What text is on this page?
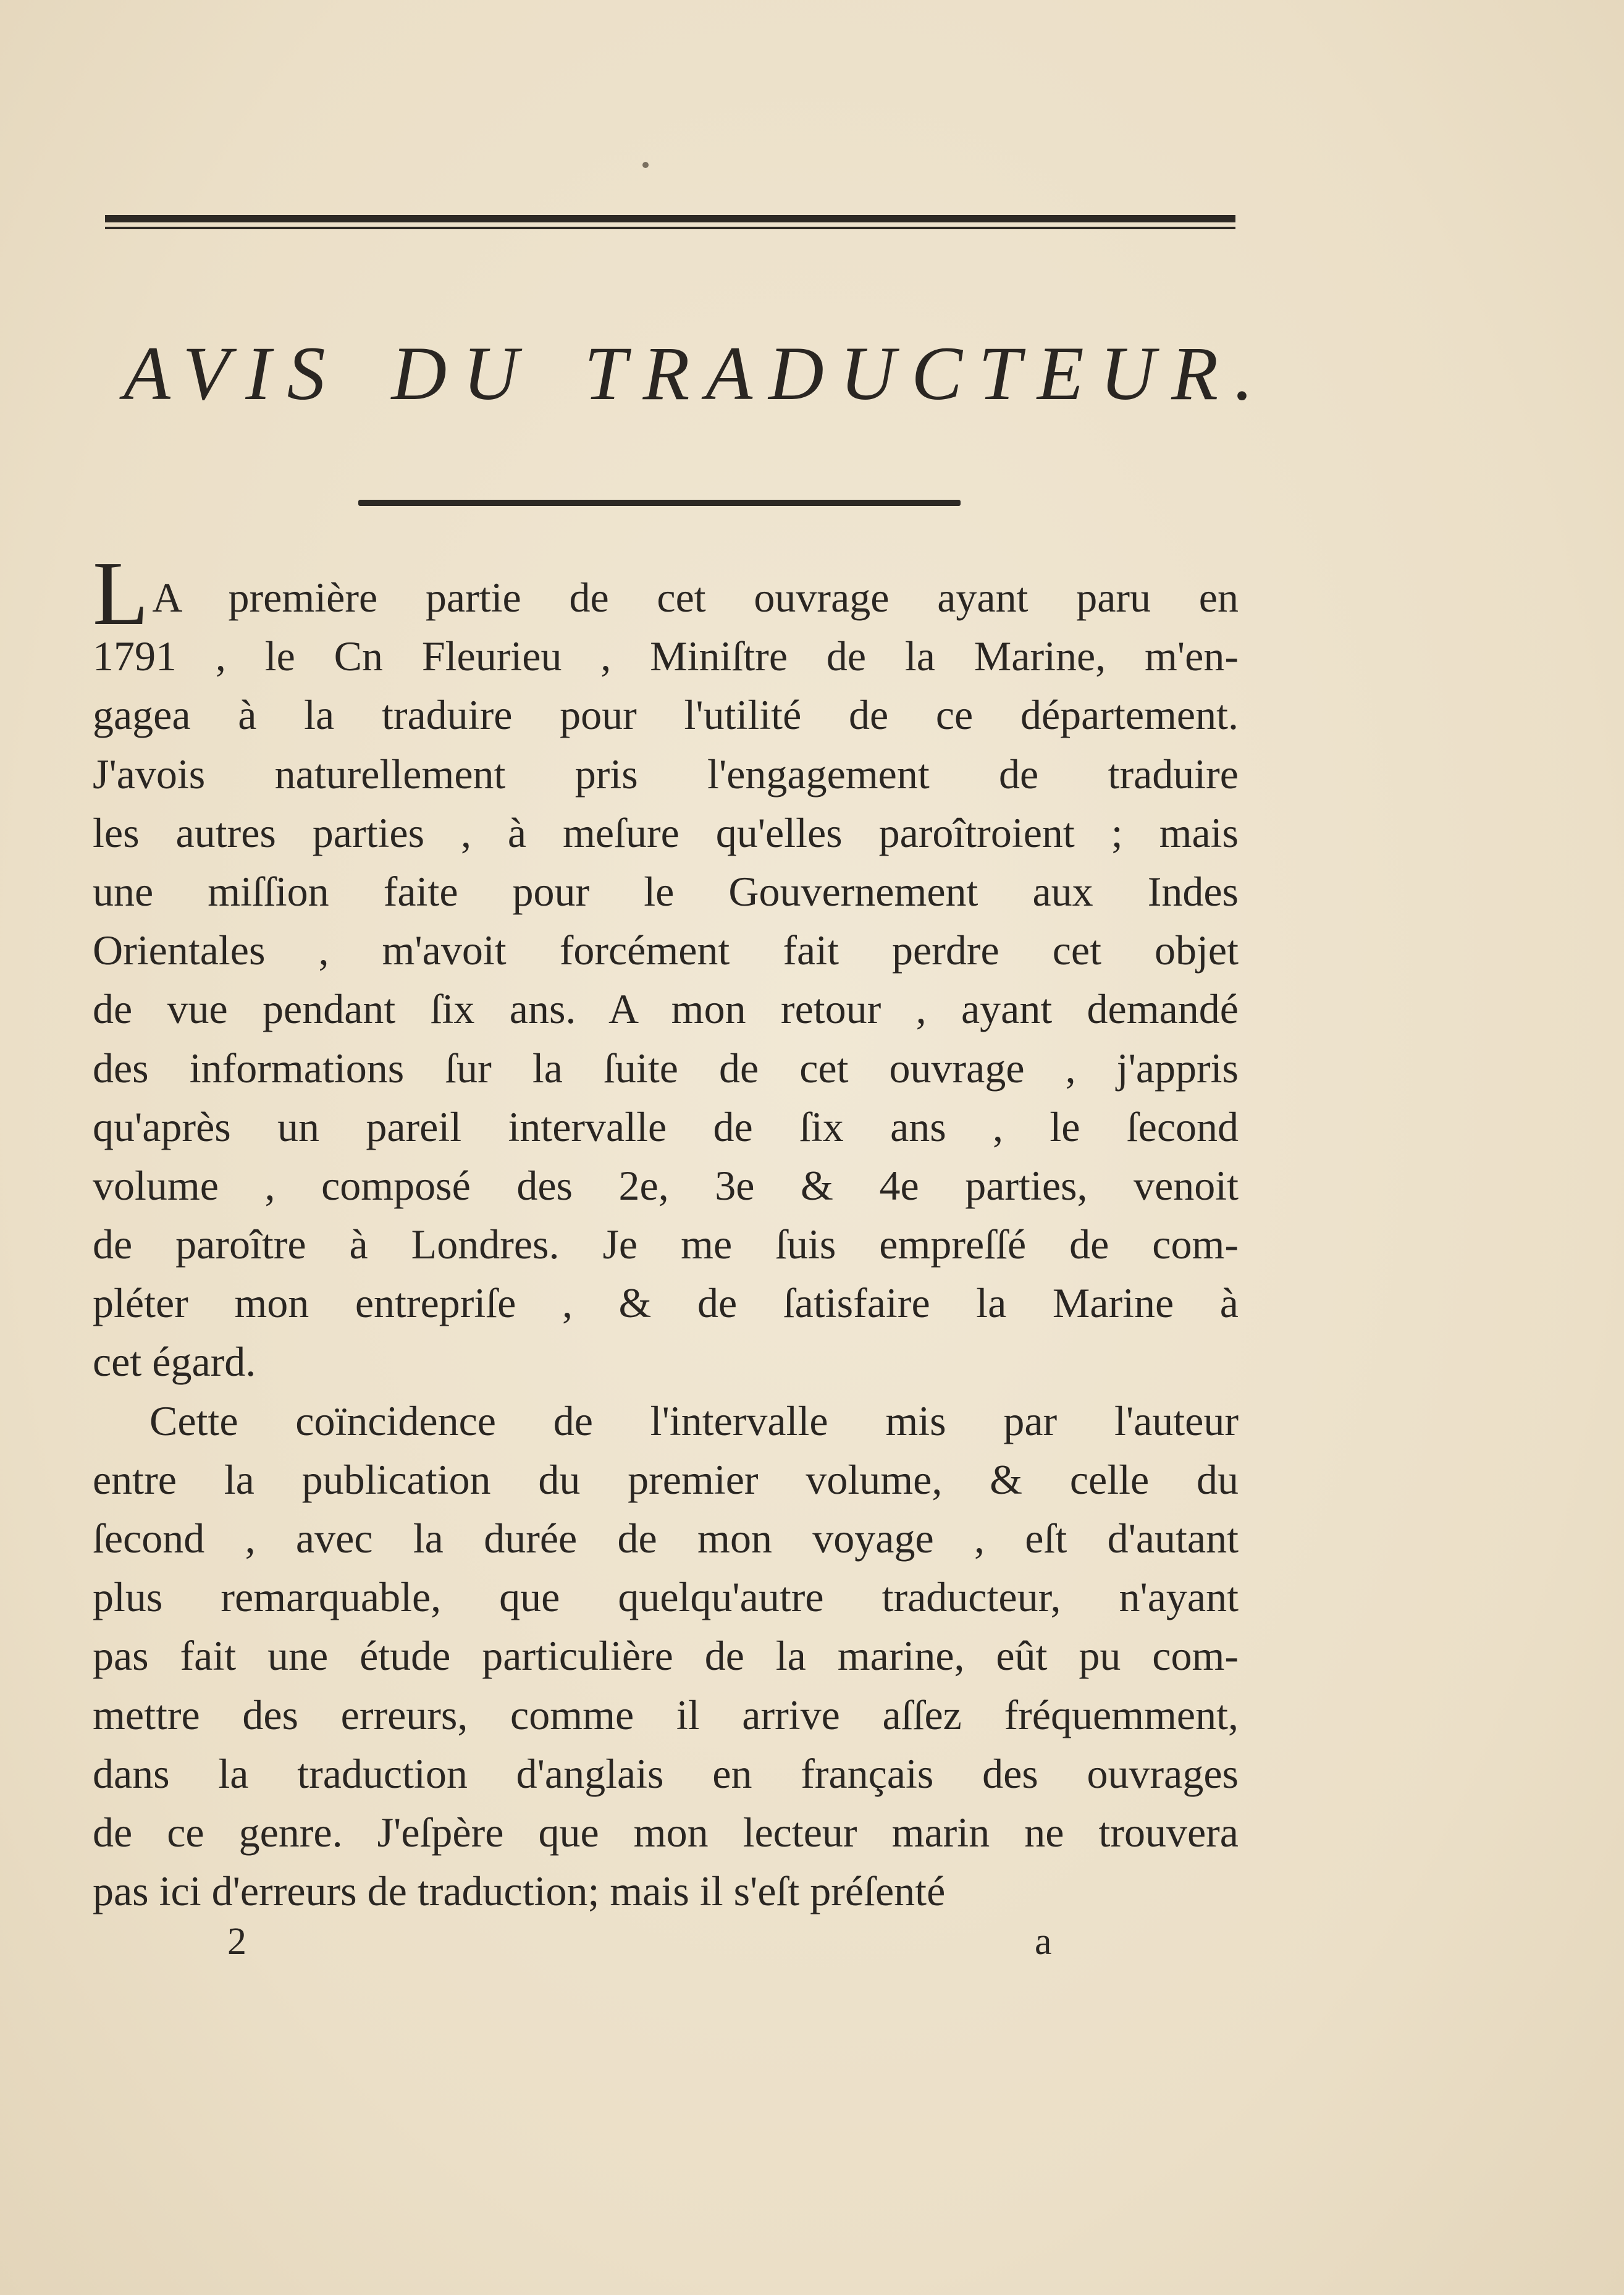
AVIS DU TRADUCTEUR.
LA première partie de cet ouvrage ayant paru en
1791 , le Cn Fleurieu , Miniſtre de la Marine, m'en-
gagea à la traduire pour l'utilité de ce département.
J'avois naturellement pris l'engagement de traduire
les autres parties , à meſure qu'elles paroîtroient ; mais
une miſſion faite pour le Gouvernement aux Indes
Orientales , m'avoit forcément fait perdre cet objet
de vue pendant ſix ans. A mon retour , ayant demandé
des informations ſur la ſuite de cet ouvrage , j'appris
qu'après un pareil intervalle de ſix ans , le ſecond
volume , composé des 2e, 3e & 4e parties, venoit
de paroître à Londres. Je me ſuis empreſſé de com-
pléter mon entrepriſe , & de ſatisfaire la Marine à
cet égard.
Cette coïncidence de l'intervalle mis par l'auteur
entre la publication du premier volume, & celle du
ſecond , avec la durée de mon voyage , eſt d'autant
plus remarquable, que quelqu'autre traducteur, n'ayant
pas fait une étude particulière de la marine, eût pu com-
mettre des erreurs, comme il arrive aſſez fréquemment,
dans la traduction d'anglais en français des ouvrages
de ce genre. J'eſpère que mon lecteur marin ne trouvera
pas ici d'erreurs de traduction; mais il s'eſt préſenté
2	a
